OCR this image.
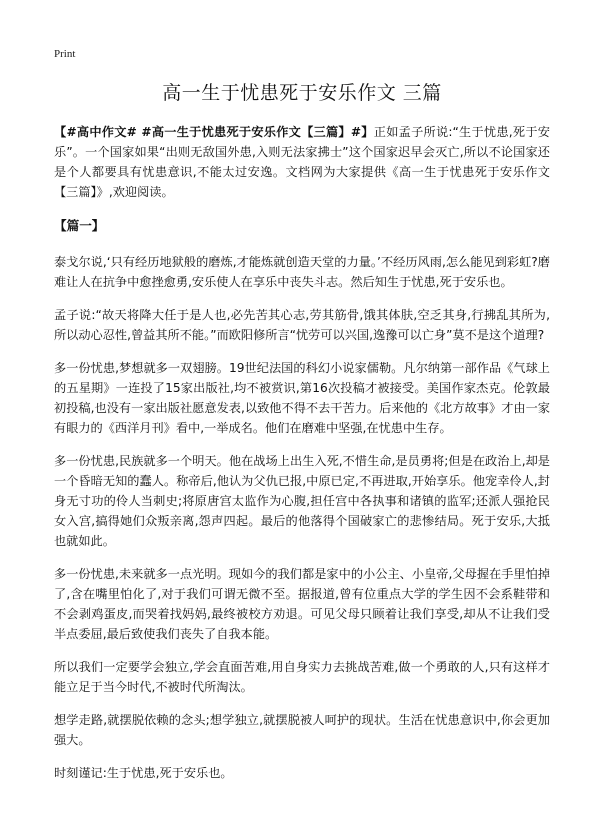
Print
高一生于忧患死于安乐作文 三篇

【#高中作文# #高一生于忧患死于安乐作文【三篇】#】正如孟子所说:“生于忧患,死于安乐”。一个国家如果“出则无敌国外患,入则无法家拂士”这个国家迟早会灭亡,所以不论国家还是个人都要具有忧患意识,不能太过安逸。文档网为大家提供《高一生于忧患死于安乐作文【三篇】》,欢迎阅读。

【篇一】

泰戈尔说,‘只有经历地狱般的磨炼,才能炼就创造天堂的力量。’不经历风雨,怎么能见到彩虹?磨难让人在抗争中愈挫愈勇,安乐使人在享乐中丧失斗志。然后知生于忧患,死于安乐也。

孟子说:“故天将降大任于是人也,必先苦其心志,劳其筋骨,饿其体肤,空乏其身,行拂乱其所为,所以动心忍性,曾益其所不能。”而欧阳修所言“忧劳可以兴国,逸豫可以亡身”莫不是这个道理?

多一份忧患,梦想就多一双翅膀。19世纪法国的科幻小说家儒勒。凡尔纳第一部作品《气球上的五星期》一连投了15家出版社,均不被赏识,第16次投稿才被接受。美国作家杰克。伦敦最初投稿,也没有一家出版社愿意发表,以致他不得不去干苦力。后来他的《北方故事》才由一家有眼力的《西洋月刊》看中,一举成名。他们在磨难中坚强,在忧患中生存。

多一份忧患,民族就多一个明天。他在战场上出生入死,不惜生命,是员勇将;但是在政治上,却是一个昏暗无知的蠢人。称帝后,他认为父仇已报,中原已定,不再进取,开始享乐。他宠幸伶人,封身无寸功的伶人当刺史;将原唐宫太监作为心腹,担任宫中各执事和诸镇的监军;还派人强抢民女入宫,搞得她们众叛亲离,怨声四起。最后的他落得个国破家亡的悲惨结局。死于安乐,大抵也就如此。

多一份忧患,未来就多一点光明。现如今的我们都是家中的小公主、小皇帝,父母握在手里怕掉了,含在嘴里怕化了,对于我们可谓无微不至。据报道,曾有位重点大学的学生因不会系鞋带和不会剥鸡蛋皮,而哭着找妈妈,最终被校方劝退。可见父母只顾着让我们享受,却从不让我们受半点委屈,最后致使我们丧失了自我本能。

所以我们一定要学会独立,学会直面苦难,用自身实力去挑战苦难,做一个勇敢的人,只有这样才能立足于当今时代,不被时代所淘汰。

想学走路,就摆脱依赖的念头;想学独立,就摆脱被人呵护的现状。生活在忧患意识中,你会更加强大。

时刻谨记:生于忧患,死于安乐也。
